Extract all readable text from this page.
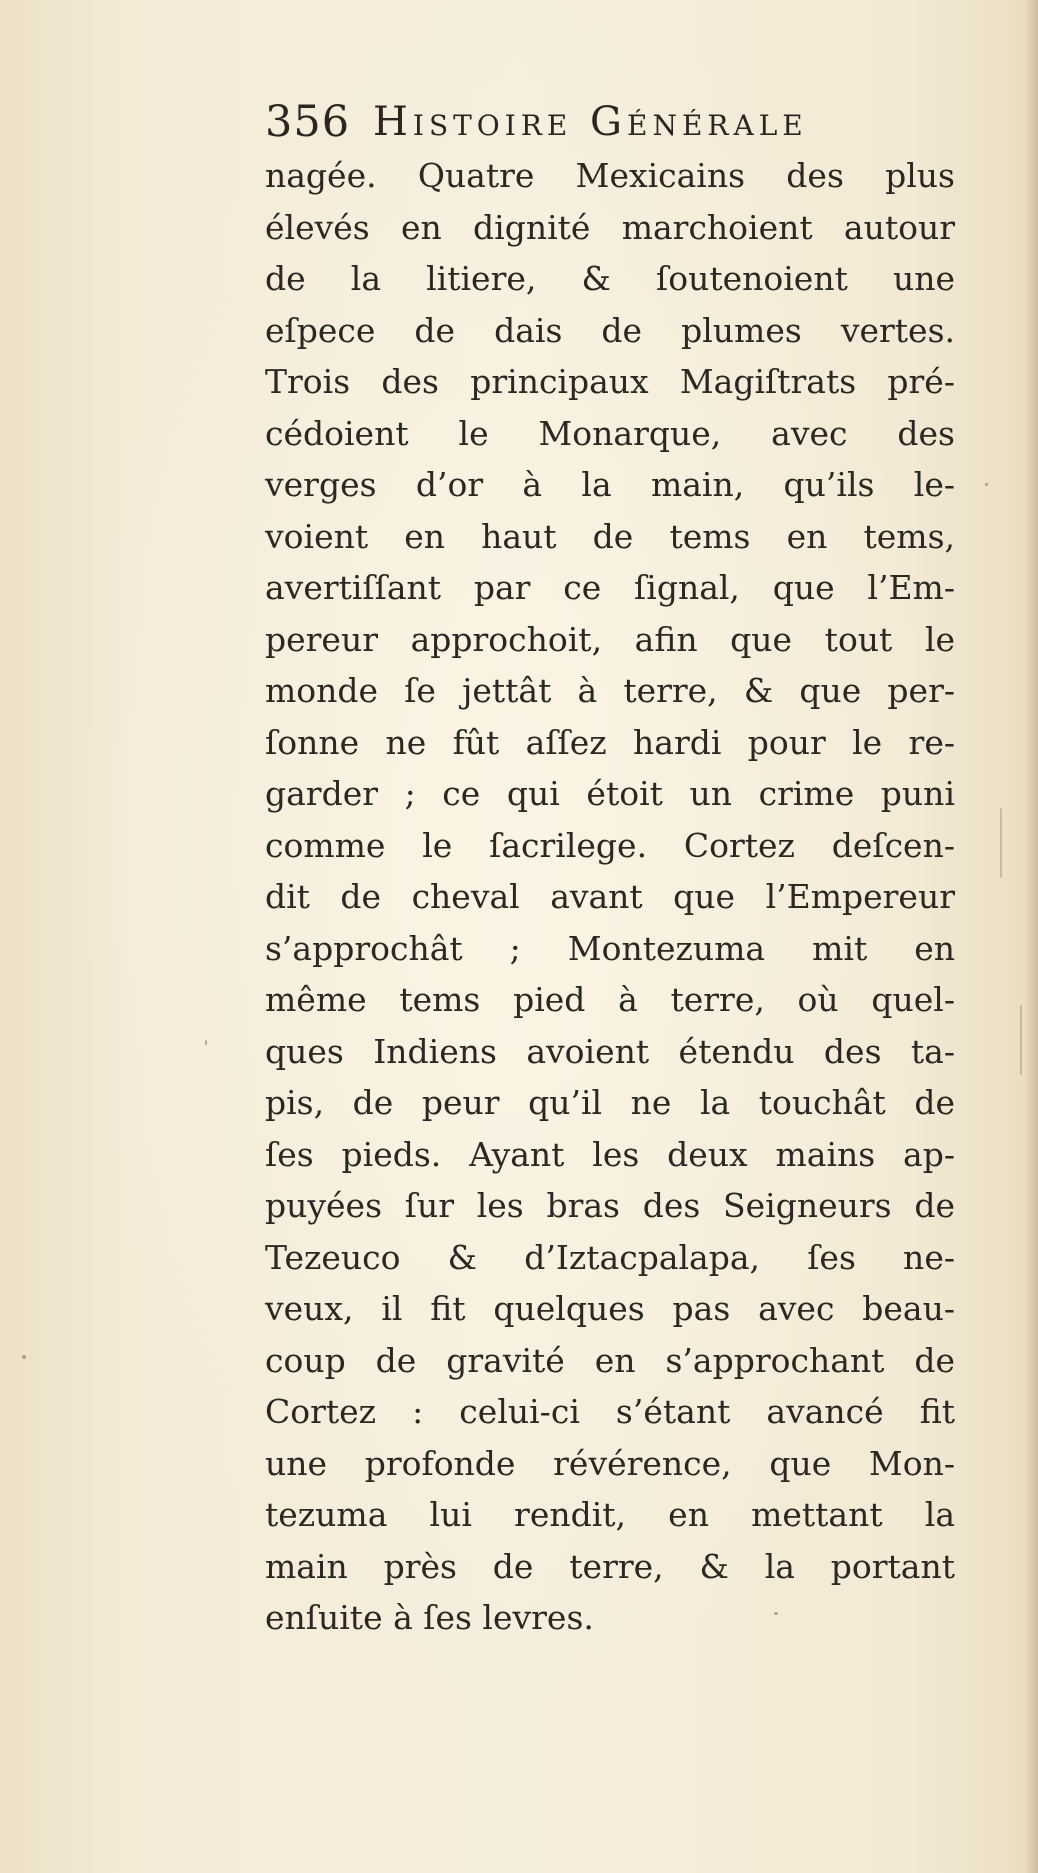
356 Histoire Générale
nagée. Quatre Mexicains des plus
élevés en dignité marchoient autour
de la litiere, & ſoutenoient une
eſpece de dais de plumes vertes.
Trois des principaux Magiſtrats pré-
cédoient le Monarque, avec des
verges d’or à la main, qu’ils le-
voient en haut de tems en tems,
avertiſſant par ce ſignal, que l’Em-
pereur approchoit, afin que tout le
monde ſe jettât à terre, & que per-
ſonne ne fût aſſez hardi pour le re-
garder ; ce qui étoit un crime puni
comme le ſacrilege. Cortez deſcen-
dit de cheval avant que l’Empereur
s’approchât ; Montezuma mit en
même tems pied à terre, où quel-
ques Indiens avoient étendu des ta-
pis, de peur qu’il ne la touchât de
ſes pieds. Ayant les deux mains ap-
puyées ſur les bras des Seigneurs de
Tezeuco & d’Iztacpalapa, ſes ne-
veux, il fit quelques pas avec beau-
coup de gravité en s’approchant de
Cortez : celui-ci s’étant avancé fit
une profonde révérence, que Mon-
tezuma lui rendit, en mettant la
main près de terre, & la portant
enſuite à ſes levres.
